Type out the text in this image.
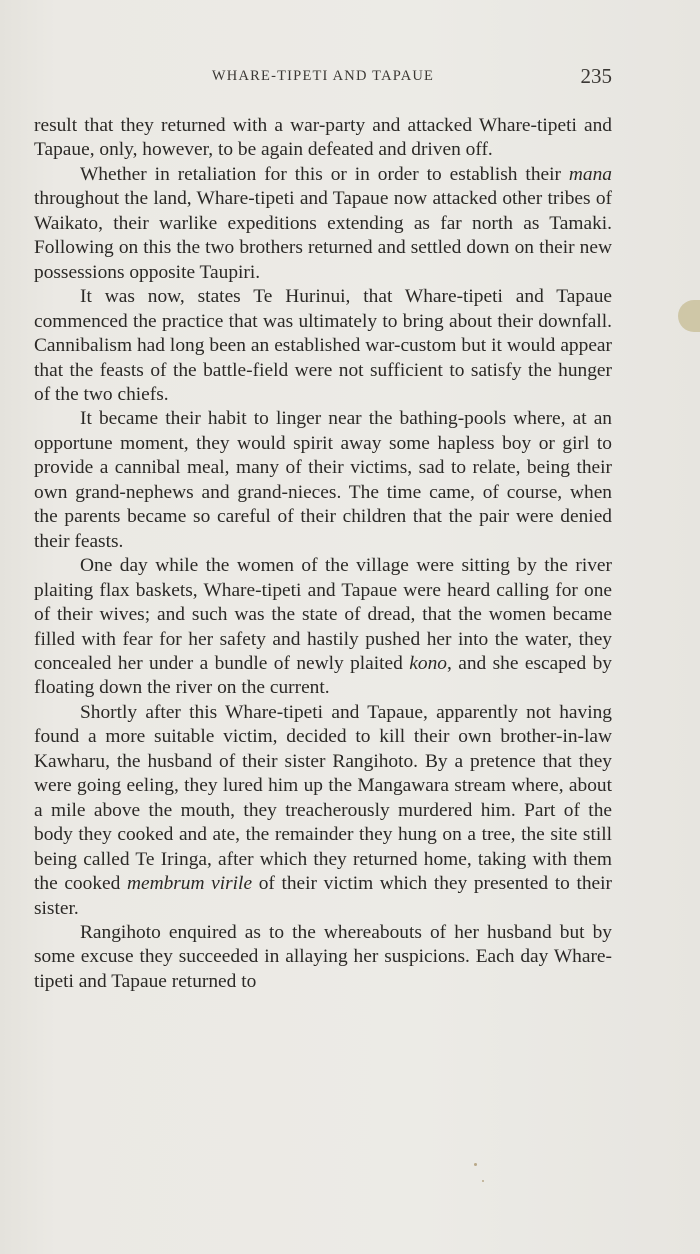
WHARE-TIPETI AND TAPAUE	235

result that they returned with a war-party and attacked Whare-tipeti and Tapaue, only, however, to be again defeated and driven off.

Whether in retaliation for this or in order to establish their mana throughout the land, Whare-tipeti and Tapaue now attacked other tribes of Waikato, their warlike expeditions extending as far north as Tamaki. Following on this the two brothers returned and settled down on their new possessions opposite Taupiri.

It was now, states Te Hurinui, that Whare-tipeti and Tapaue commenced the practice that was ultimately to bring about their downfall. Cannibalism had long been an established war-custom but it would appear that the feasts of the battle-field were not sufficient to satisfy the hunger of the two chiefs.

It became their habit to linger near the bathing-pools where, at an opportune moment, they would spirit away some hapless boy or girl to provide a cannibal meal, many of their victims, sad to relate, being their own grand-nephews and grand-nieces. The time came, of course, when the parents became so careful of their children that the pair were denied their feasts.

One day while the women of the village were sitting by the river plaiting flax baskets, Whare-tipeti and Tapaue were heard calling for one of their wives; and such was the state of dread, that the women became filled with fear for her safety and hastily pushed her into the water, they concealed her under a bundle of newly plaited kono, and she escaped by floating down the river on the current.

Shortly after this Whare-tipeti and Tapaue, apparently not having found a more suitable victim, decided to kill their own brother-in-law Kawharu, the husband of their sister Rangihoto. By a pretence that they were going eeling, they lured him up the Mangawara stream where, about a mile above the mouth, they treacherously murdered him. Part of the body they cooked and ate, the remainder they hung on a tree, the site still being called Te Iringa, after which they returned home, taking with them the cooked membrum virile of their victim which they presented to their sister.

Rangihoto enquired as to the whereabouts of her husband but by some excuse they succeeded in allaying her suspicions. Each day Whare-tipeti and Tapaue returned to
